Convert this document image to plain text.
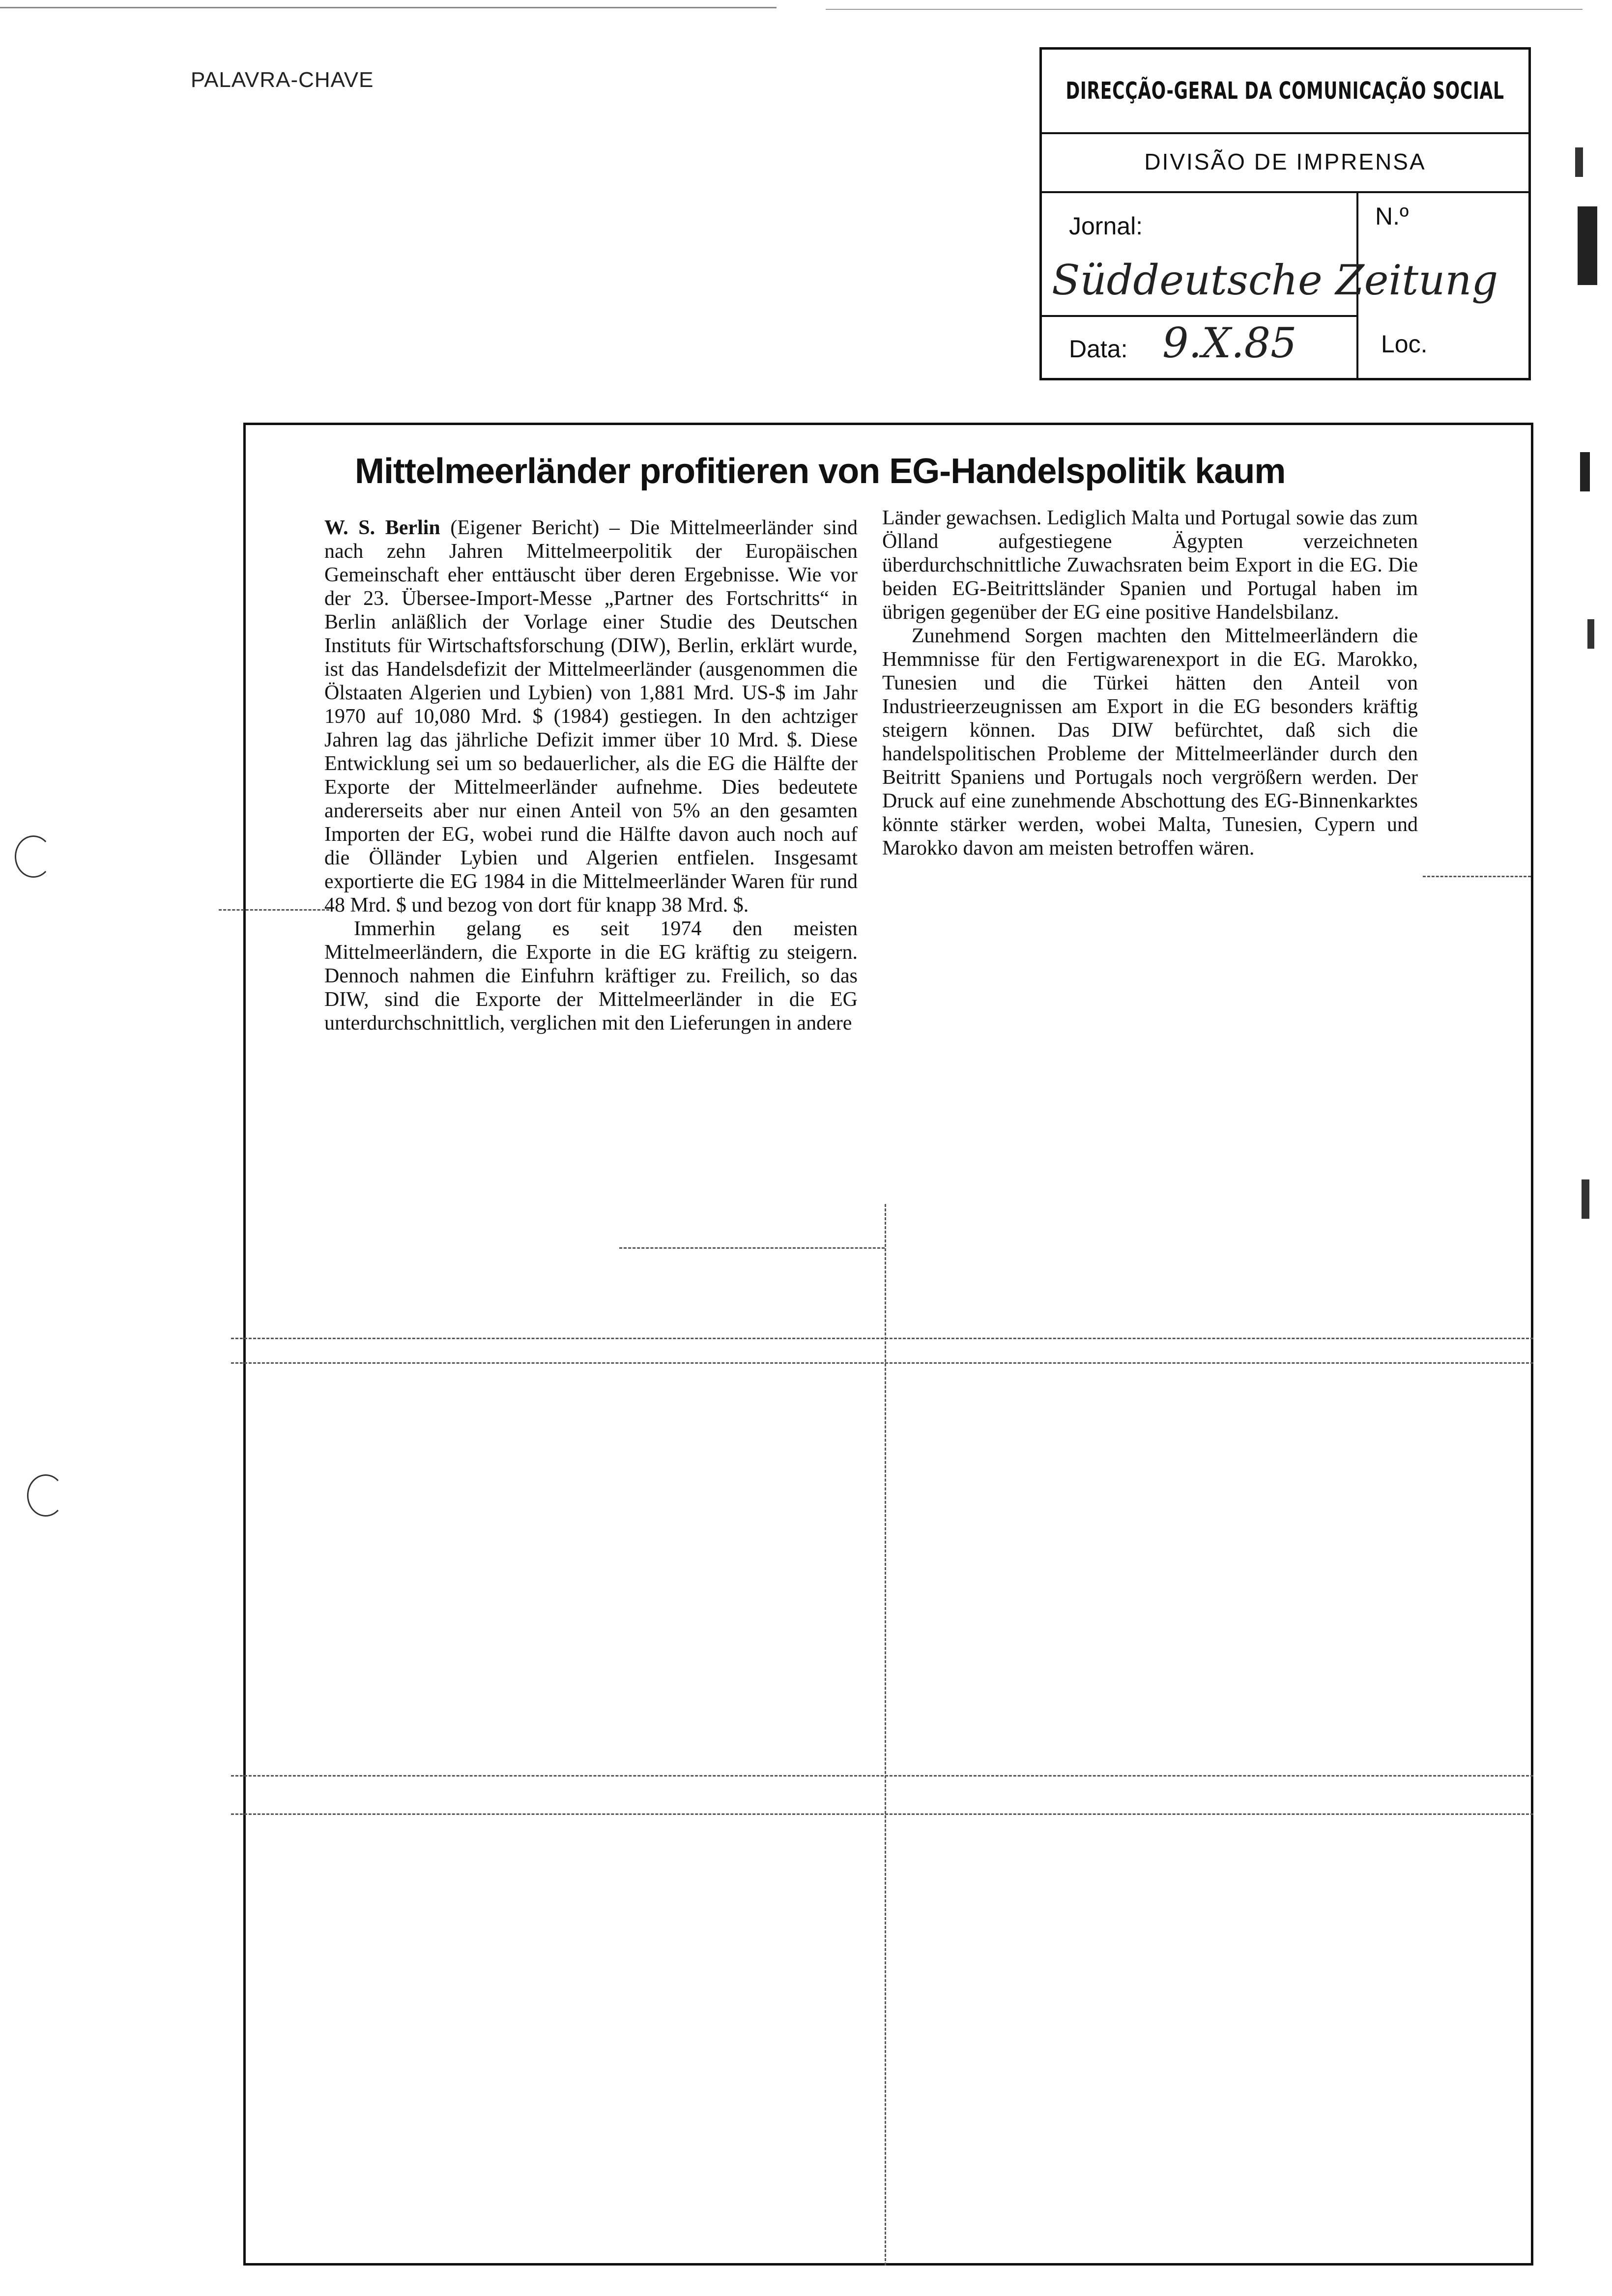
PALAVRA-CHAVE	DIRECÇÃO-GERAL DA COMUNICAÇÃO SOCIAL
DIVISÃO DE IMPRENSA
Jornal:
Süddeutsche Zeitung
N.º
Data: 9.X.85	Loc.
Mittelmeerländer profitieren von EG-Handelspolitik kaum

W. S. Berlin (Eigener Bericht) – Die Mittelmeerländer sind nach zehn Jahren Mittelmeerpolitik der Europäischen Gemeinschaft eher enttäuscht über deren Ergebnisse. Wie vor der 23. Übersee-Import-Messe „Partner des Fortschritts“ in Berlin anläßlich der Vorlage einer Studie des Deutschen Instituts für Wirtschaftsforschung (DIW), Berlin, erklärt wurde, ist das Handelsdefizit der Mittelmeerländer (ausgenommen die Ölstaaten Algerien und Lybien) von 1,881 Mrd. US-$ im Jahr 1970 auf 10,080 Mrd. $ (1984) gestiegen. In den achtziger Jahren lag das jährliche Defizit immer über 10 Mrd. $. Diese Entwicklung sei um so bedauerlicher, als die EG die Hälfte der Exporte der Mittelmeerländer aufnehme. Dies bedeutete andererseits aber nur einen Anteil von 5% an den gesamten Importen der EG, wobei rund die Hälfte davon auch noch auf die Ölländer Lybien und Algerien entfielen. Insgesamt exportierte die EG 1984 in die Mittelmeerländer Waren für rund 48 Mrd. $ und bezog von dort für knapp 38 Mrd. $.

Immerhin gelang es seit 1974 den meisten Mittelmeerländern, die Exporte in die EG kräftig zu steigern. Dennoch nahmen die Einfuhrn kräftiger zu. Freilich, so das DIW, sind die Exporte der Mittelmeerländer in die EG unterdurchschnittlich, verglichen mit den Lieferungen in andere

Länder gewachsen. Lediglich Malta und Portugal sowie das zum Ölland aufgestiegene Ägypten verzeichneten überdurchschnittliche Zuwachsraten beim Export in die EG. Die beiden EG-Beitrittsländer Spanien und Portugal haben im übrigen gegenüber der EG eine positive Handelsbilanz.

Zunehmend Sorgen machten den Mittelmeerländern die Hemmnisse für den Fertigwarenexport in die EG. Marokko, Tunesien und die Türkei hätten den Anteil von Industrieerzeugnissen am Export in die EG besonders kräftig steigern können. Das DIW befürchtet, daß sich die handelspolitischen Probleme der Mittelmeerländer durch den Beitritt Spaniens und Portugals noch vergrößern werden. Der Druck auf eine zunehmende Abschottung des EG-Binnenkarktes könnte stärker werden, wobei Malta, Tunesien, Cypern und Marokko davon am meisten betroffen wären.
